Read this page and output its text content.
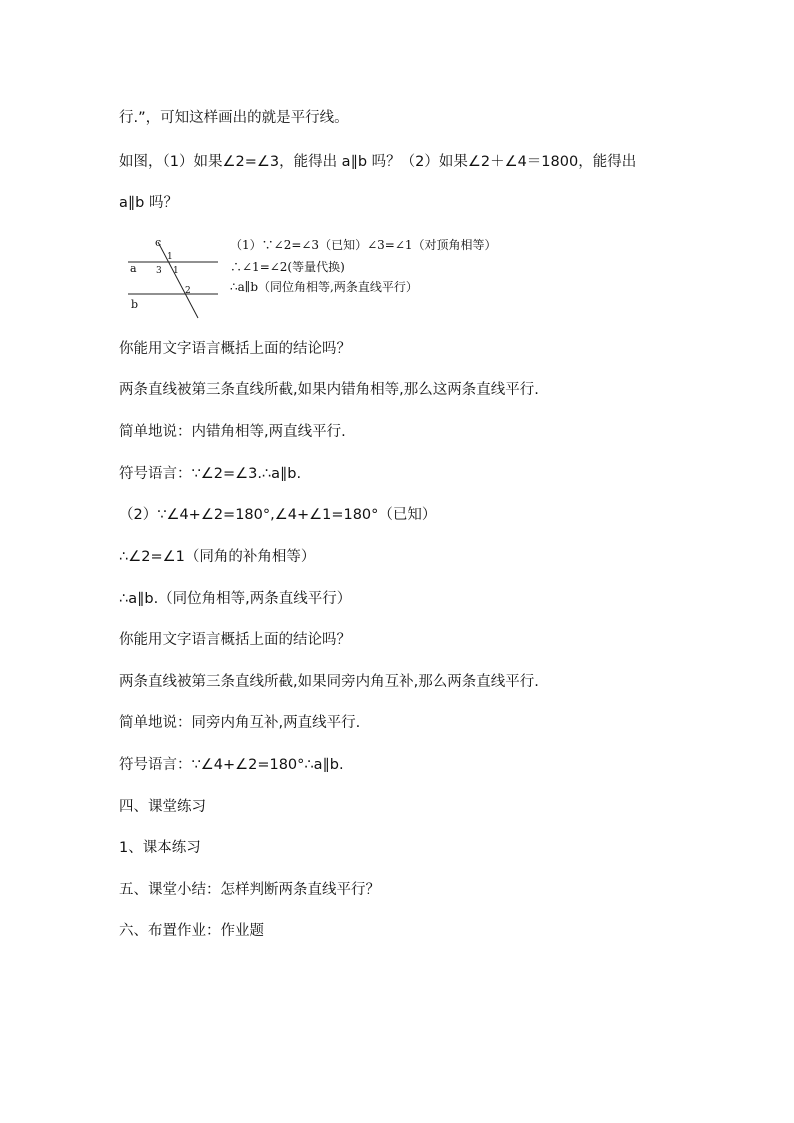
行.”，可知这样画出的就是平行线。
如图，（1）如果∠2=∠3，能得出 a∥b 吗？（2）如果∠2＋∠4＝1800，能得出
a∥b 吗？
c
a
b
1
3 1
2
（1）∵∠2=∠3（已知）∠3=∠1（对顶角相等）
∴∠1=∠2(等量代换)
∴a∥b（同位角相等,两条直线平行）
你能用文字语言概括上面的结论吗？
两条直线被第三条直线所截,如果内错角相等,那么这两条直线平行.
简单地说：内错角相等,两直线平行.
符号语言：∵∠2=∠3.∴a∥b.
（2）∵∠4+∠2=180°,∠4+∠1=180°（已知）
∴∠2=∠1（同角的补角相等）
∴a∥b.（同位角相等,两条直线平行）
你能用文字语言概括上面的结论吗？
两条直线被第三条直线所截,如果同旁内角互补,那么两条直线平行.
简单地说：同旁内角互补,两直线平行.
符号语言：∵∠4+∠2=180°∴a∥b.
四、课堂练习
1、课本练习
五、课堂小结：怎样判断两条直线平行？
六、布置作业：作业题
